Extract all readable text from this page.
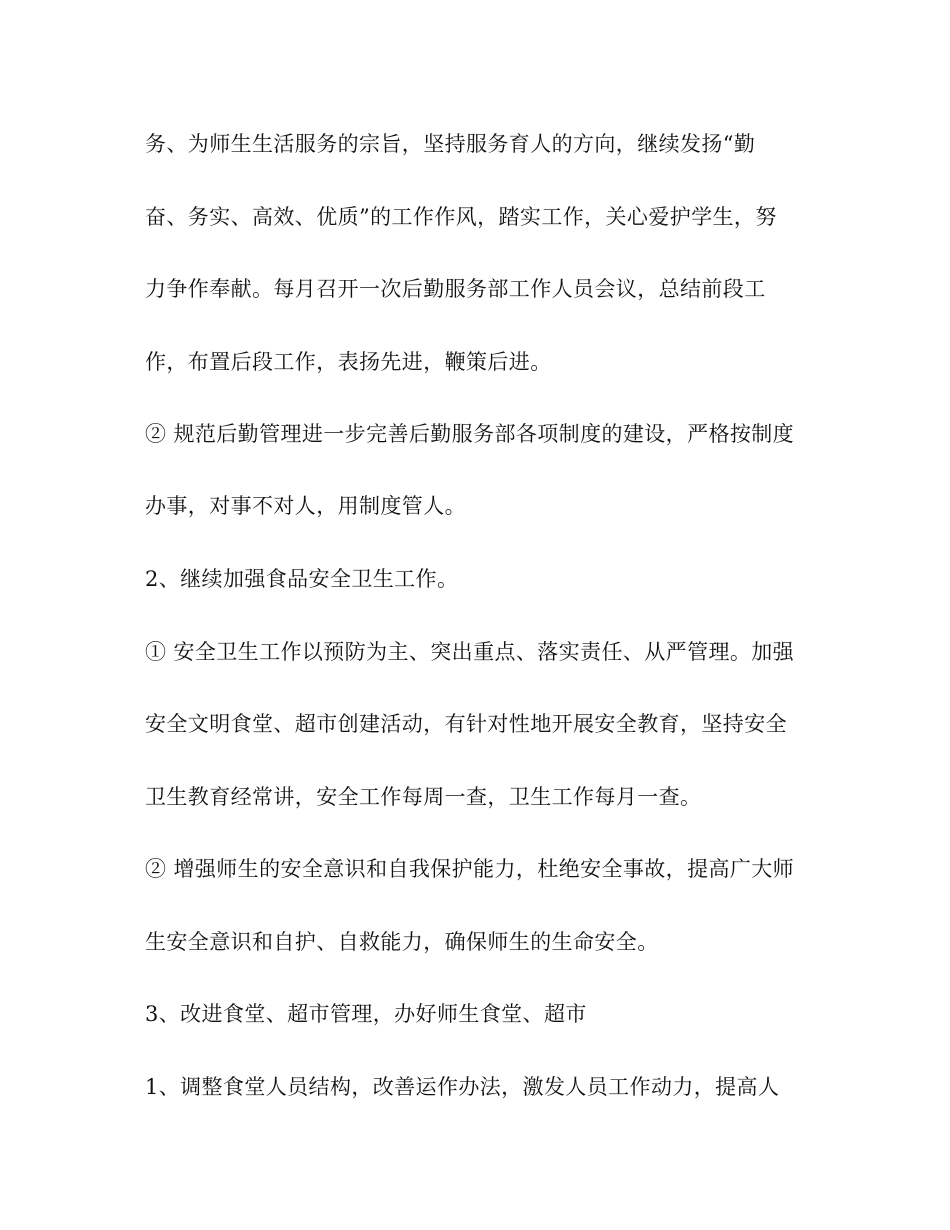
务、为师生生活服务的宗旨，坚持服务育人的方向，继续发扬“勤
奋、务实、高效、优质”的工作作风，踏实工作，关心爱护学生，努
力争作奉献。每月召开一次后勤服务部工作人员会议，总结前段工
作，布置后段工作，表扬先进，鞭策后进。
② 规范后勤管理进一步完善后勤服务部各项制度的建设，严格按制度
办事，对事不对人，用制度管人。
2、继续加强食品安全卫生工作。
① 安全卫生工作以预防为主、突出重点、落实责任、从严管理。加强
安全文明食堂、超市创建活动，有针对性地开展安全教育，坚持安全
卫生教育经常讲，安全工作每周一查，卫生工作每月一查。
② 增强师生的安全意识和自我保护能力，杜绝安全事故，提高广大师
生安全意识和自护、自救能力，确保师生的生命安全。
3、改进食堂、超市管理，办好师生食堂、超市
1、调整食堂人员结构，改善运作办法，激发人员工作动力，提高人
